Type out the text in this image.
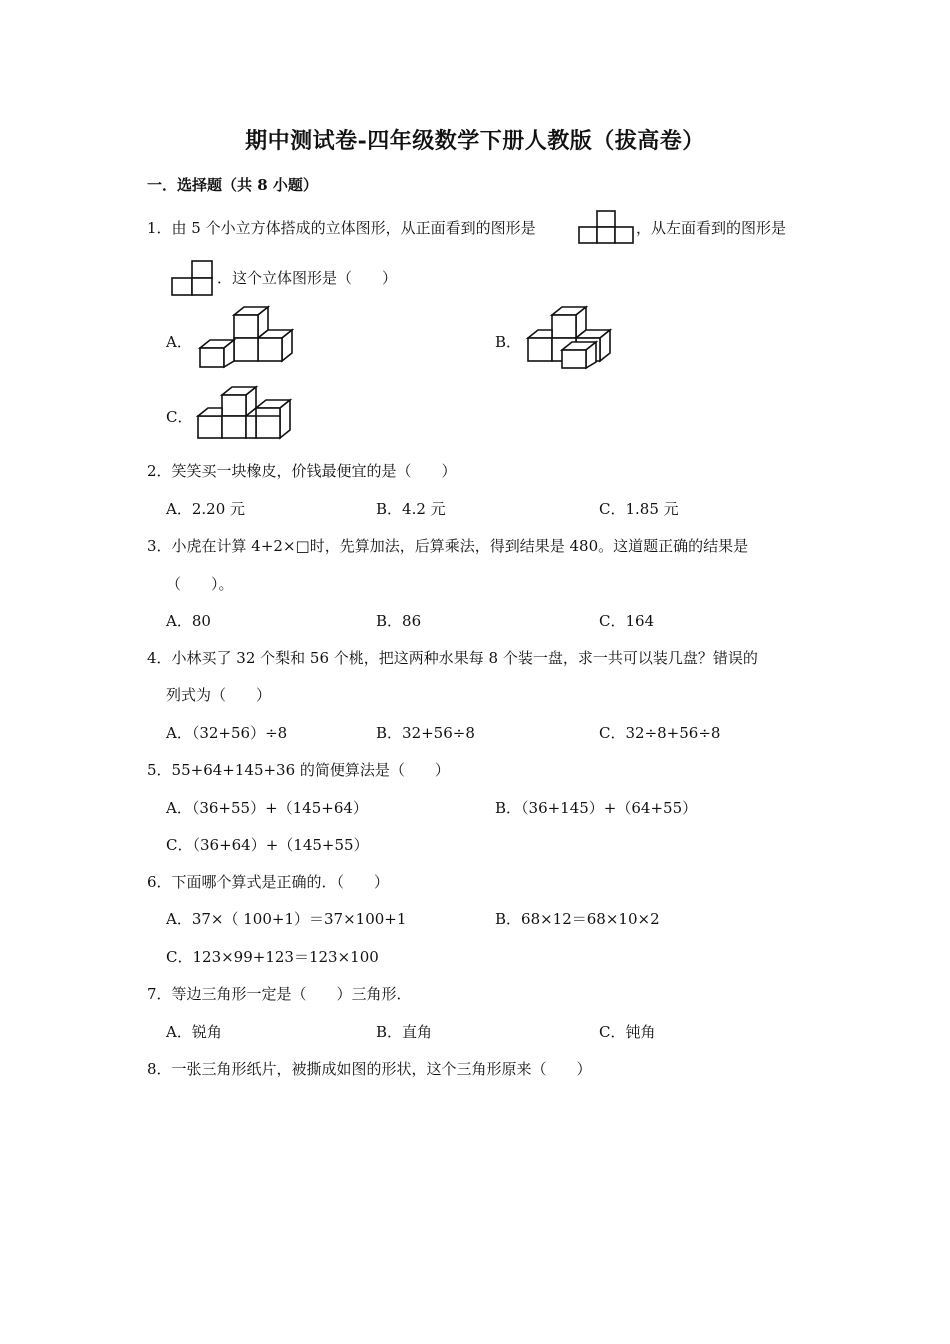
期中测试卷-四年级数学下册人教版（拔高卷）
一．选择题（共 8 小题）
1．由 5 个小立方体搭成的立体图形，从正面看到的图形是	，从左面看到的图形是
．这个立体图形是（　　）
A．	B．
C．
2．笑笑买一块橡皮，价钱最便宜的是（　　）
A．2.20 元	B．4.2 元	C．1.85 元
3．小虎在计算 4+2×□时，先算加法，后算乘法，得到结果是 480。这道题正确的结果是
（　　）。
A．80	B．86	C．164
4．小林买了 32 个梨和 56 个桃，把这两种水果每 8 个装一盘，求一共可以装几盘？错误的
列式为（　　）
A．（32+56）÷8	B．32+56÷8	C．32÷8+56÷8
5．55+64+145+36 的简便算法是（　　）
A．（36+55）+（145+64）	B．（36+145）+（64+55）
C．（36+64）+（145+55）
6．下面哪个算式是正确的．（　　）
A．37×（ 100+1）＝37×100+1	B．68×12＝68×10×2
C．123×99+123＝123×100
7．等边三角形一定是（　　）三角形．
A．锐角	B．直角	C．钝角
8．一张三角形纸片，被撕成如图的形状，这个三角形原来（　　）
